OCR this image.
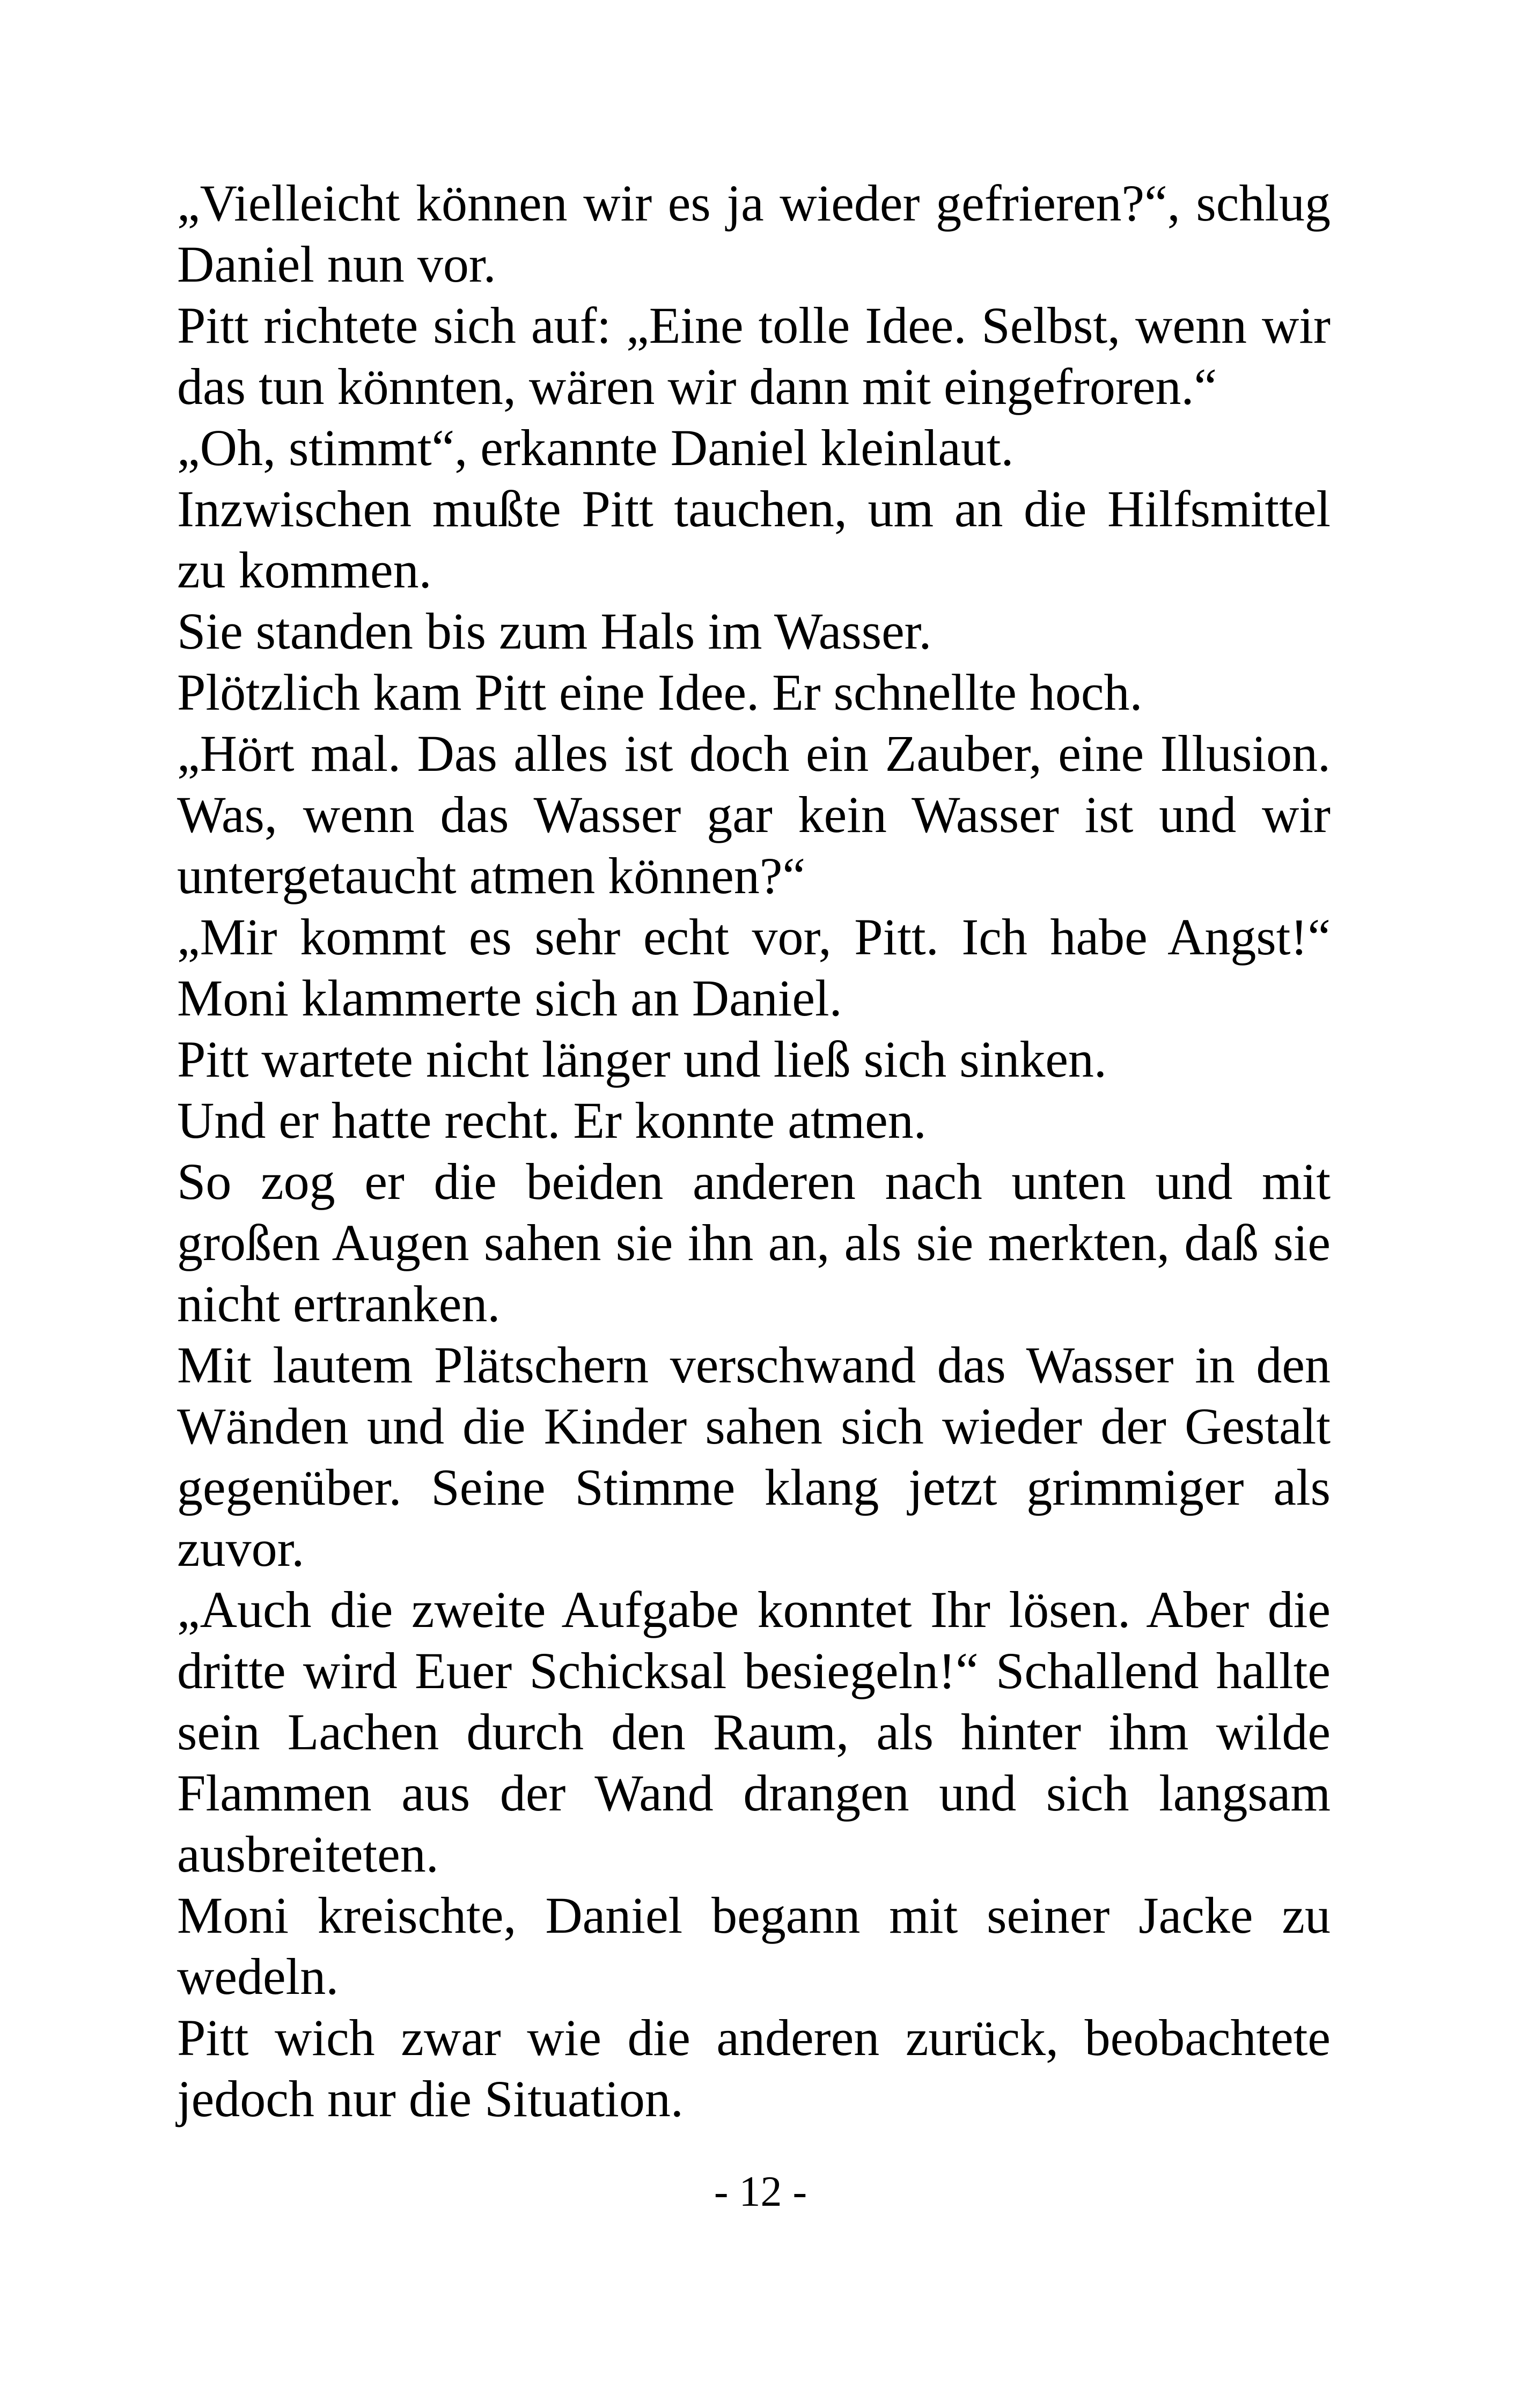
„Vielleicht können wir es ja wieder gefrieren?“, schlug Daniel nun vor.

Pitt richtete sich auf: „Eine tolle Idee. Selbst, wenn wir das tun könnten, wären wir dann mit eingefroren.“

„Oh, stimmt“, erkannte Daniel kleinlaut.

Inzwischen mußte Pitt tauchen, um an die Hilfsmittel zu kommen.

Sie standen bis zum Hals im Wasser.

Plötzlich kam Pitt eine Idee. Er schnellte hoch.

„Hört mal. Das alles ist doch ein Zauber, eine Illusion. Was, wenn das Wasser gar kein Wasser ist und wir untergetaucht atmen können?“

„Mir kommt es sehr echt vor, Pitt. Ich habe Angst!“ Moni klammerte sich an Daniel.

Pitt wartete nicht länger und ließ sich sinken.

Und er hatte recht. Er konnte atmen.

So zog er die beiden anderen nach unten und mit großen Augen sahen sie ihn an, als sie merkten, daß sie nicht ertranken.

Mit lautem Plätschern verschwand das Wasser in den Wänden und die Kinder sahen sich wieder der Gestalt gegenüber. Seine Stimme klang jetzt grimmiger als zuvor.

„Auch die zweite Aufgabe konntet Ihr lösen. Aber die dritte wird Euer Schicksal besiegeln!“ Schallend hallte sein Lachen durch den Raum, als hinter ihm wilde Flammen aus der Wand drangen und sich langsam ausbreiteten.

Moni kreischte, Daniel begann mit seiner Jacke zu wedeln.

Pitt wich zwar wie die anderen zurück, beobachtete jedoch nur die Situation.

- 12 -
